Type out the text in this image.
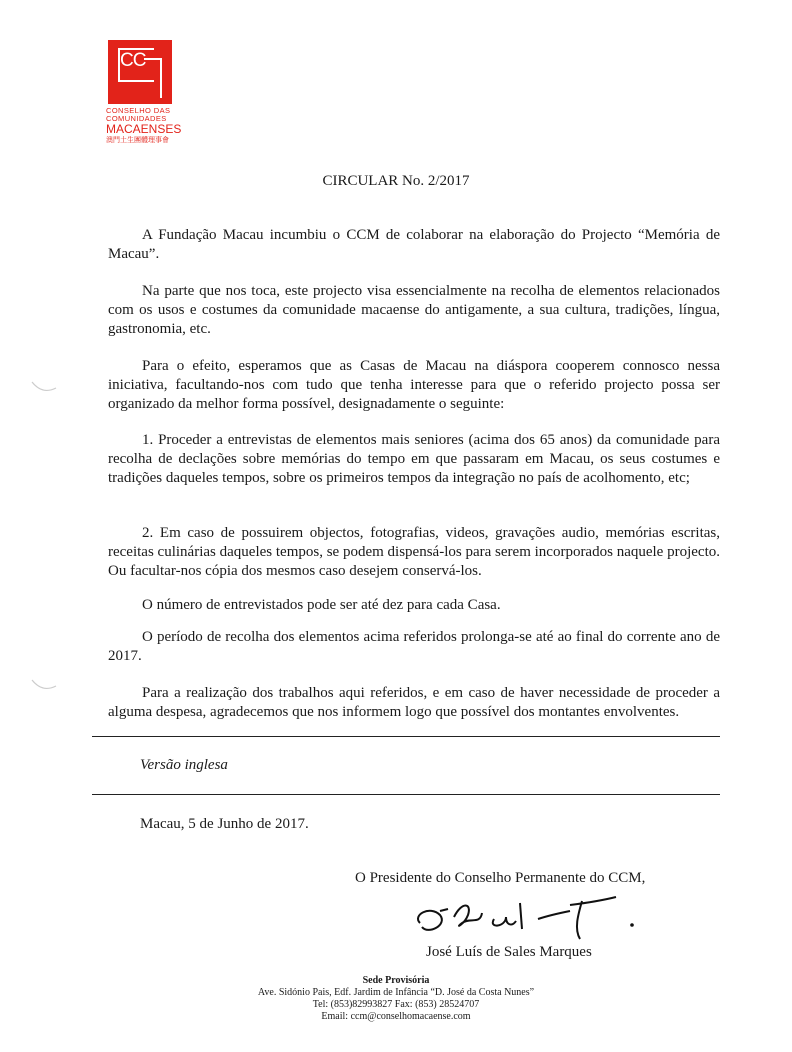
CC
CONSELHO DAS
COMUNIDADES
MACAENSES
澳門土生團體理事會
CIRCULAR No. 2/2017

A Fundação Macau incumbiu o CCM de colaborar na elaboração do Projecto “Memória de Macau”.

Na parte que nos toca, este projecto visa essencialmente na recolha de elementos relacionados com os usos e costumes da comunidade macaense do antigamente, a sua cultura, tradições, língua, gastronomia, etc.

Para o efeito, esperamos que as Casas de Macau na diáspora cooperem connosco nessa iniciativa, facultando-nos com tudo que tenha interesse para que o referido projecto possa ser organizado da melhor forma possível, designadamente o seguinte:

1. Proceder a entrevistas de elementos mais seniores (acima dos 65 anos) da comunidade para recolha de declações sobre memórias do tempo em que passaram em Macau, os seus costumes e tradições daqueles tempos, sobre os primeiros tempos da integração no país de acolhomento, etc;

2. Em caso de possuirem objectos, fotografias, videos, gravações audio, memórias escritas, receitas culinárias daqueles tempos, se podem dispensá-los para serem incorporados naquele projecto. Ou facultar-nos cópia dos mesmos caso desejem conservá-los.

O número de entrevistados pode ser até dez para cada Casa.

O período de recolha dos elementos acima referidos prolonga-se até ao final do corrente ano de 2017.

Para a realização dos trabalhos aqui referidos, e em caso de haver necessidade de proceder a alguma despesa, agradecemos que nos informem logo que possível dos montantes envolventes.

Versão inglesa
Macau, 5 de Junho de 2017.
O Presidente do Conselho Permanente do CCM,
José Luís de Sales Marques
Sede Provisória
Ave. Sidónio Pais, Edf. Jardim de Infância “D. José da Costa Nunes”
Tel: (853)82993827 Fax: (853) 28524707
Email: ccm@conselhomacaense.com
